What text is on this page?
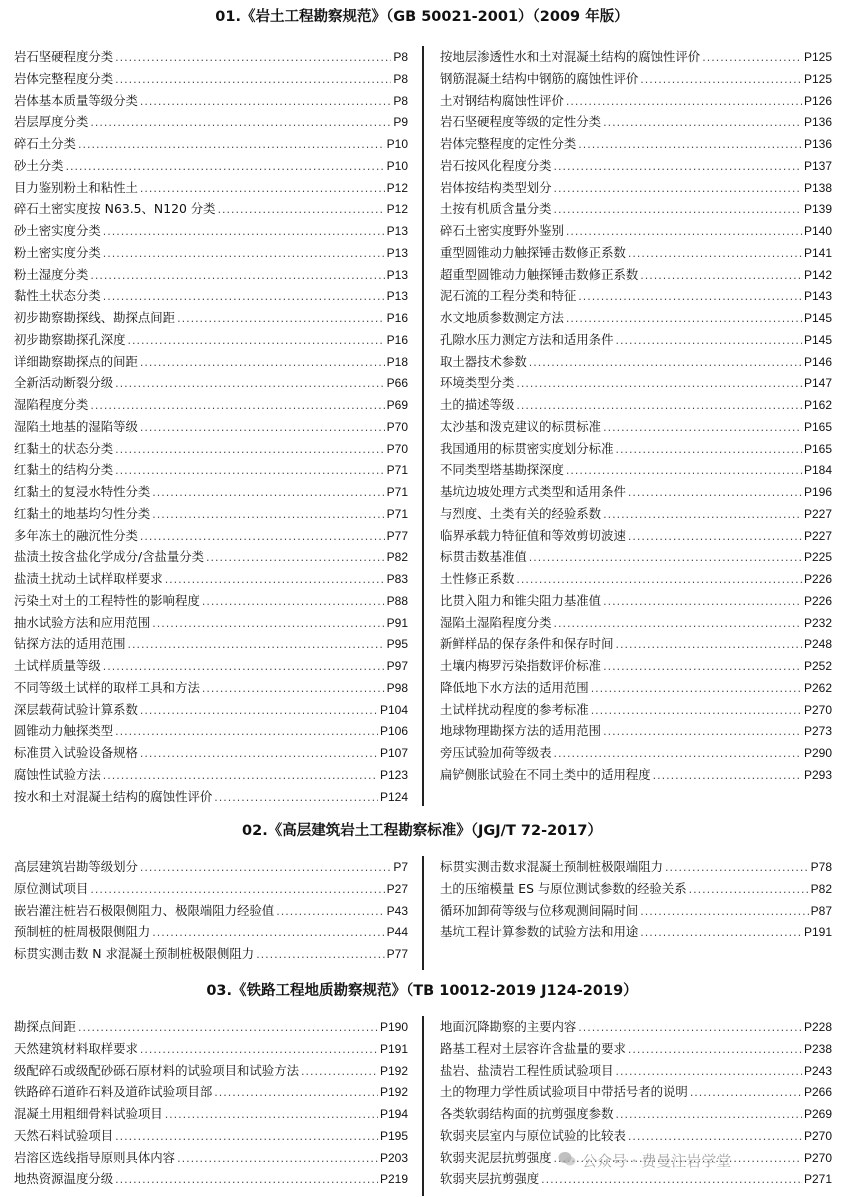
01.《岩土工程勘察规范》（GB 50021-2001）（2009 年版）
岩石坚硬程度分类 .....	P8
岩体完整程度分类 .....	P8
岩体基本质量等级分类 .....	P8
岩层厚度分类 .....	P9
碎石土分类 .....	P10
砂土分类 .....	P10
目力鉴别粉土和粘性土 .....	P12
碎石土密实度按 N63.5、N120 分类 .....	P12
砂土密实度分类 .....	P13
粉土密实度分类 .....	P13
粉土湿度分类 .....	P13
黏性土状态分类 .....	P13
初步勘察勘探线、勘探点间距 .....	P16
初步勘察勘探孔深度 .....	P16
详细勘察勘探点的间距 .....	P18
全新活动断裂分级 .....	P66
湿陷程度分类 .....	P69
湿陷土地基的湿陷等级 .....	P70
红黏土的状态分类 .....	P70
红黏土的结构分类 .....	P71
红黏土的复浸水特性分类 .....	P71
红黏土的地基均匀性分类 .....	P71
多年冻土的融沉性分类 .....	P77
盐渍土按含盐化学成分/含盐量分类 .....	P82
盐渍土扰动土试样取样要求 .....	P83
污染土对土的工程特性的影响程度 .....	P88
抽水试验方法和应用范围 .....	P91
钻探方法的适用范围 .....	P95
土试样质量等级 .....	P97
不同等级土试样的取样工具和方法 .....	P98
深层载荷试验计算系数 .....	P104
圆锥动力触探类型 .....	P106
标准贯入试验设备规格 .....	P107
腐蚀性试验方法 .....	P123
按水和土对混凝土结构的腐蚀性评价 .....	P124
按地层渗透性水和土对混凝土结构的腐蚀性评价 .....	P125
钢筋混凝土结构中钢筋的腐蚀性评价 .....	P125
土对钢结构腐蚀性评价 .....	P126
岩石坚硬程度等级的定性分类 .....	P136
岩体完整程度的定性分类 .....	P136
岩石按风化程度分类 .....	P137
岩体按结构类型划分 .....	P138
土按有机质含量分类 .....	P139
碎石土密实度野外鉴别 .....	P140
重型圆锥动力触探锤击数修正系数 .....	P141
超重型圆锥动力触探锤击数修正系数 .....	P142
泥石流的工程分类和特征 .....	P143
水文地质参数测定方法 .....	P145
孔隙水压力测定方法和适用条件 .....	P145
取土器技术参数 .....	P146
环境类型分类 .....	P147
土的描述等级 .....	P162
太沙基和泼克建议的标贯标准 .....	P165
我国通用的标贯密实度划分标准 .....	P165
不同类型塔基勘探深度 .....	P184
基坑边坡处理方式类型和适用条件 .....	P196
与烈度、土类有关的经验系数 .....	P227
临界承载力特征值和等效剪切波速 .....	P227
标贯击数基准值 .....	P225
土性修正系数 .....	P226
比贯入阻力和锥尖阻力基准值 .....	P226
湿陷土湿陷程度分类 .....	P232
新鲜样品的保存条件和保存时间 .....	P248
土壤内梅罗污染指数评价标准 .....	P252
降低地下水方法的适用范围 .....	P262
土试样扰动程度的参考标准 .....	P270
地球物理勘探方法的适用范围 .....	P273
旁压试验加荷等级表 .....	P290
扁铲侧胀试验在不同土类中的适用程度 .....	P293
02.《高层建筑岩土工程勘察标准》（JGJ/T 72-2017）
高层建筑岩勘等级划分 .....	P7
原位测试项目 .....	P27
嵌岩灌注桩岩石极限侧阻力、极限端阻力经验值 .....	P43
预制桩的桩周极限侧阻力 .....	P44
标贯实测击数 N 求混凝土预制桩极限侧阻力 .....	P77
标贯实测击数求混凝土预制桩极限端阻力 .....	P78
土的压缩模量 ES 与原位测试参数的经验关系 .....	P82
循环加卸荷等级与位移观测间隔时间 .....	P87
基坑工程计算参数的试验方法和用途 .....	P191
03.《铁路工程地质勘察规范》（TB 10012-2019 J124-2019）
勘探点间距 .....	P190
天然建筑材料取样要求 .....	P191
级配碎石或级配砂砾石原材料的试验项目和试验方法 .....	P192
铁路碎石道砟石料及道砟试验项目部 .....	P192
混凝土用粗细骨料试验项目 .....	P194
天然石料试验项目 .....	P195
岩溶区选线指导原则具体内容 .....	P203
地热资源温度分级 .....	P219
地面沉降勘察的主要内容 .....	P228
路基工程对土层容许含盐量的要求 .....	P238
盐岩、盐渍岩工程性质试验项目 .....	P243
土的物理力学性质试验项目中带括号者的说明 .....	P266
各类软弱结构面的抗剪强度参数 .....	P269
软弱夹层室内与原位试验的比较表 .....	P270
软弱夹泥层抗剪强度 .....	P270
软弱夹层抗剪强度 .....	P271
公众号 · 费曼注岩学堂
